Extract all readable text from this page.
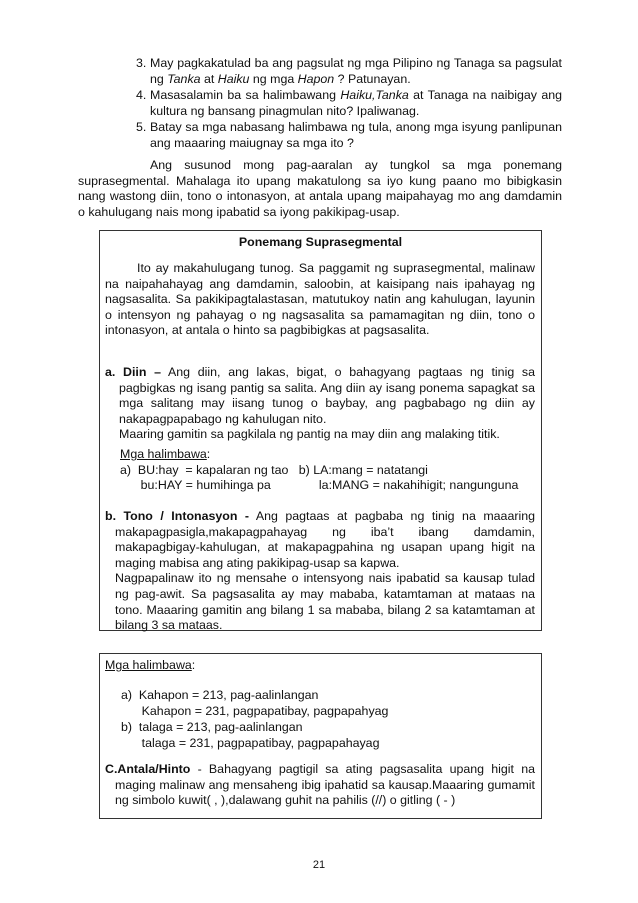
3. May pagkakatulad ba ang pagsulat ng mga Pilipino ng Tanaga sa pagsulat ng Tanka at Haiku ng mga Hapon ? Patunayan.
4. Masasalamin ba sa halimbawang Haiku,Tanka at Tanaga na naibigay ang kultura ng bansang pinagmulan nito? Ipaliwanag.
5. Batay sa mga nabasang halimbawa ng tula, anong mga isyung panlipunan ang maaaring maiugnay sa mga ito ?
Ang susunod mong pag-aaralan ay tungkol sa mga ponemang suprasegmental. Mahalaga ito upang makatulong sa iyo kung paano mo bibigkasin nang wastong diin, tono o intonasyon, at antala upang maipahayag mo ang damdamin o kahulugang nais mong ipabatid sa iyong pakikipag-usap.
Ponemang Suprasegmental
Ito ay makahulugang tunog. Sa paggamit ng suprasegmental, malinaw na naipahahayag ang damdamin, saloobin, at kaisipang nais ipahayag ng nagsasalita. Sa pakikipagtalastasan, matutukoy natin ang kahulugan, layunin o intensyon ng pahayag o ng nagsasalita sa pamamagitan ng diin, tono o intonasyon, at antala o hinto sa pagbibigkas at pagsasalita.
a. Diin – Ang diin, ang lakas, bigat, o bahagyang pagtaas ng tinig sa pagbigkas ng isang pantig sa salita. Ang diin ay isang ponema sapagkat sa mga salitang may iisang tunog o baybay, ang pagbabago ng diin ay nakapagpapabago ng kahulugan nito.
Maaring gamitin sa pagkilala ng pantig na may diin ang malaking titik.
Mga halimbawa:
a)  BU:hay  = kapalaran ng tao   b) LA:mang = natatangi
bu:HAY = humihinga pa              la:MANG = nakahihigit; nangunguna
b. Tono / Intonasyon - Ang pagtaas at pagbaba ng tinig na maaaring makapagpasigla,makapagpahayag ng iba’t ibang damdamin, makapagbigay-kahulugan, at makapagpahina ng usapan upang higit na maging mabisa ang ating pakikipag-usap sa kapwa.
Nagpapalinaw ito ng mensahe o intensyong nais ipabatid sa kausap tulad ng pag-awit. Sa pagsasalita ay may mababa, katamtaman at mataas na tono. Maaaring gamitin ang bilang 1 sa mababa, bilang 2 sa katamtaman at bilang 3 sa mataas.
Mga halimbawa:
a)  Kahapon = 213, pag-aalinlangan
Kahapon = 231, pagpapatibay, pagpapahyag
b)  talaga = 213, pag-aalinlangan
talaga = 231, pagpapatibay, pagpapahayag
C.Antala/Hinto - Bahagyang pagtigil sa ating pagsasalita upang higit na maging malinaw ang mensaheng ibig ipahatid sa kausap.Maaaring gumamit ng simbolo kuwit( , ),dalawang guhit na pahilis (//) o gitling ( - )
21
